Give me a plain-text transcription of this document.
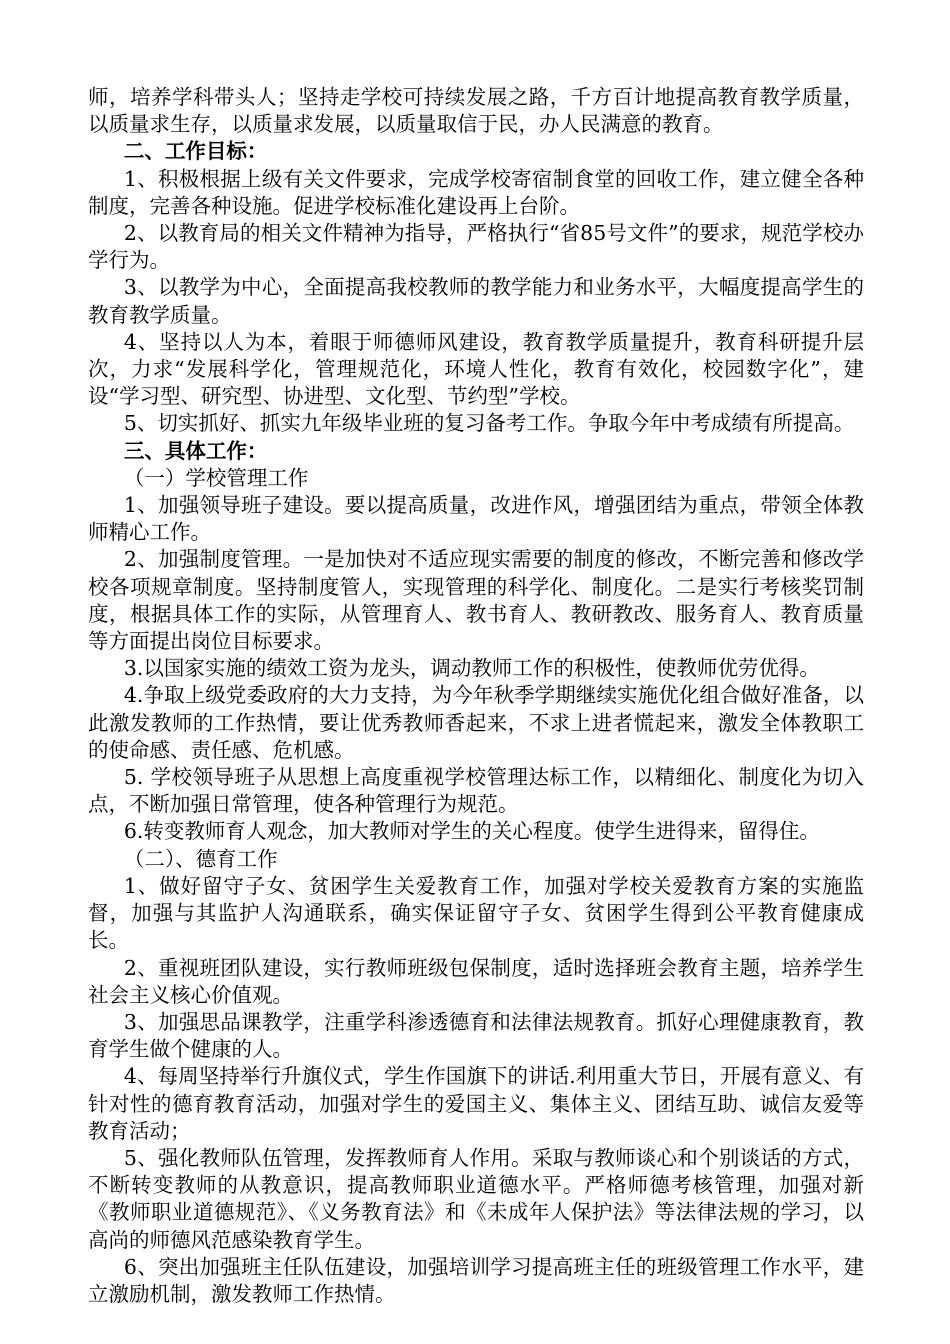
师，培养学科带头人；坚持走学校可持续发展之路，千方百计地提高教育教学质量，以质量求生存，以质量求发展，以质量取信于民，办人民满意的教育。

二、工作目标：

1、积极根据上级有关文件要求，完成学校寄宿制食堂的回收工作，建立健全各种制度，完善各种设施。促进学校标准化建设再上台阶。

2、以教育局的相关文件精神为指导，严格执行“省85号文件”的要求，规范学校办学行为。

3、以教学为中心，全面提高我校教师的教学能力和业务水平，大幅度提高学生的教育教学质量。

4、坚持以人为本，着眼于师德师风建设，教育教学质量提升，教育科研提升层次，力求“发展科学化，管理规范化，环境人性化，教育有效化，校园数字化”，建设“学习型、研究型、协进型、文化型、节约型”学校。

5、切实抓好、抓实九年级毕业班的复习备考工作。争取今年中考成绩有所提高。

三、具体工作：

（一）学校管理工作

1、加强领导班子建设。要以提高质量，改进作风，增强团结为重点，带领全体教师精心工作。

2、加强制度管理。一是加快对不适应现实需要的制度的修改，不断完善和修改学校各项规章制度。坚持制度管人，实现管理的科学化、制度化。二是实行考核奖罚制度，根据具体工作的实际，从管理育人、教书育人、教研教改、服务育人、教育质量等方面提出岗位目标要求。

3.以国家实施的绩效工资为龙头，调动教师工作的积极性，使教师优劳优得。

4.争取上级党委政府的大力支持，为今年秋季学期继续实施优化组合做好准备，以此激发教师的工作热情，要让优秀教师香起来，不求上进者慌起来，激发全体教职工的使命感、责任感、危机感。

5. 学校领导班子从思想上高度重视学校管理达标工作，以精细化、制度化为切入点，不断加强日常管理，使各种管理行为规范。

6.转变教师育人观念，加大教师对学生的关心程度。使学生进得来，留得住。

（二）、德育工作

1、做好留守子女、贫困学生关爱教育工作，加强对学校关爱教育方案的实施监督，加强与其监护人沟通联系，确实保证留守子女、贫困学生得到公平教育健康成长。

2、重视班团队建设，实行教师班级包保制度，适时选择班会教育主题，培养学生社会主义核心价值观。

3、加强思品课教学，注重学科渗透德育和法律法规教育。抓好心理健康教育，教育学生做个健康的人。

4、每周坚持举行升旗仪式，学生作国旗下的讲话.利用重大节日，开展有意义、有针对性的德育教育活动，加强对学生的爱国主义、集体主义、团结互助、诚信友爱等教育活动；

5、强化教师队伍管理，发挥教师育人作用。采取与教师谈心和个别谈话的方式，不断转变教师的从教意识，提高教师职业道德水平。严格师德考核管理，加强对新《教师职业道德规范》、《义务教育法》和《未成年人保护法》等法律法规的学习，以高尚的师德风范感染教育学生。

6、突出加强班主任队伍建设，加强培训学习提高班主任的班级管理工作水平，建立激励机制，激发教师工作热情。
